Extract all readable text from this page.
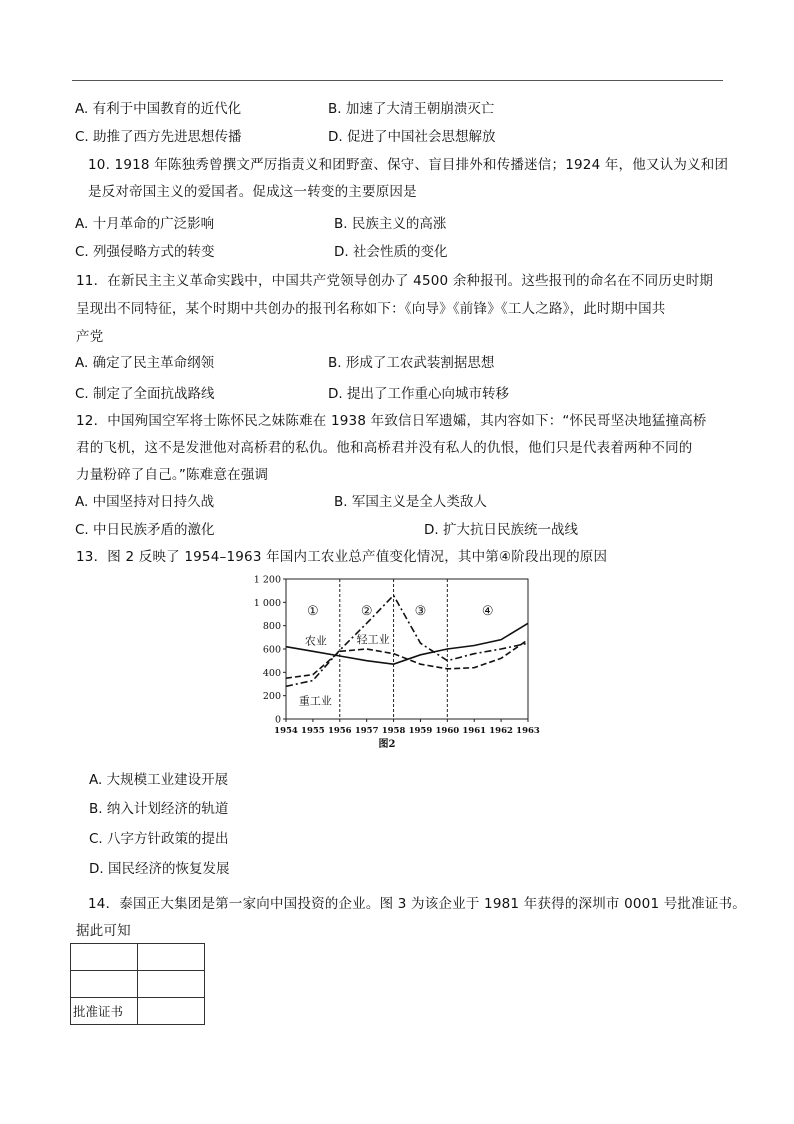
A. 有利于中国教育的近代化	B. 加速了大清王朝崩溃灭亡
C. 助推了西方先进思想传播	D. 促进了中国社会思想解放
10. 1918 年陈独秀曾撰文严厉指责义和团野蛮、保守、盲目排外和传播迷信；1924 年，他又认为义和团
是反对帝国主义的爱国者。促成这一转变的主要原因是
A. 十月革命的广泛影响	B. 民族主义的高涨
C. 列强侵略方式的转变	D. 社会性质的变化
11．在新民主主义革命实践中，中国共产党领导创办了 4500 余种报刊。这些报刊的命名在不同历史时期
呈现出不同特征，某个时期中共创办的报刊名称如下：《向导》《前锋》《工人之路》，此时期中国共
产党
A. 确定了民主革命纲领	B. 形成了工农武装割据思想
C. 制定了全面抗战路线	D. 提出了工作重心向城市转移
12．中国殉国空军将士陈怀民之妹陈难在 1938 年致信日军遗孀，其内容如下：“怀民哥坚决地猛撞高桥
君的飞机，这不是发泄他对高桥君的私仇。他和高桥君并没有私人的仇恨，他们只是代表着两种不同的
力量粉碎了自己。”陈难意在强调
A. 中国坚持对日持久战	B. 军国主义是全人类敌人
C. 中日民族矛盾的激化	D. 扩大抗日民族统一战线
13．图 2 反映了 1954–1963 年国内工农业总产值变化情况，其中第④阶段出现的原因
0
200
400
600
800
1 000
1 200
1954 1955 1956 1957 1958 1959 1960 1961 1962 1963
①	②	③	④
农业	轻工业
重工业
图2
A. 大规模工业建设开展
B. 纳入计划经济的轨道
C. 八字方针政策的提出
D. 国民经济的恢复发展
14．泰国正大集团是第一家向中国投资的企业。图 3 为该企业于 1981 年获得的深圳市 0001 号批准证书。
据此可知

批准证书	
